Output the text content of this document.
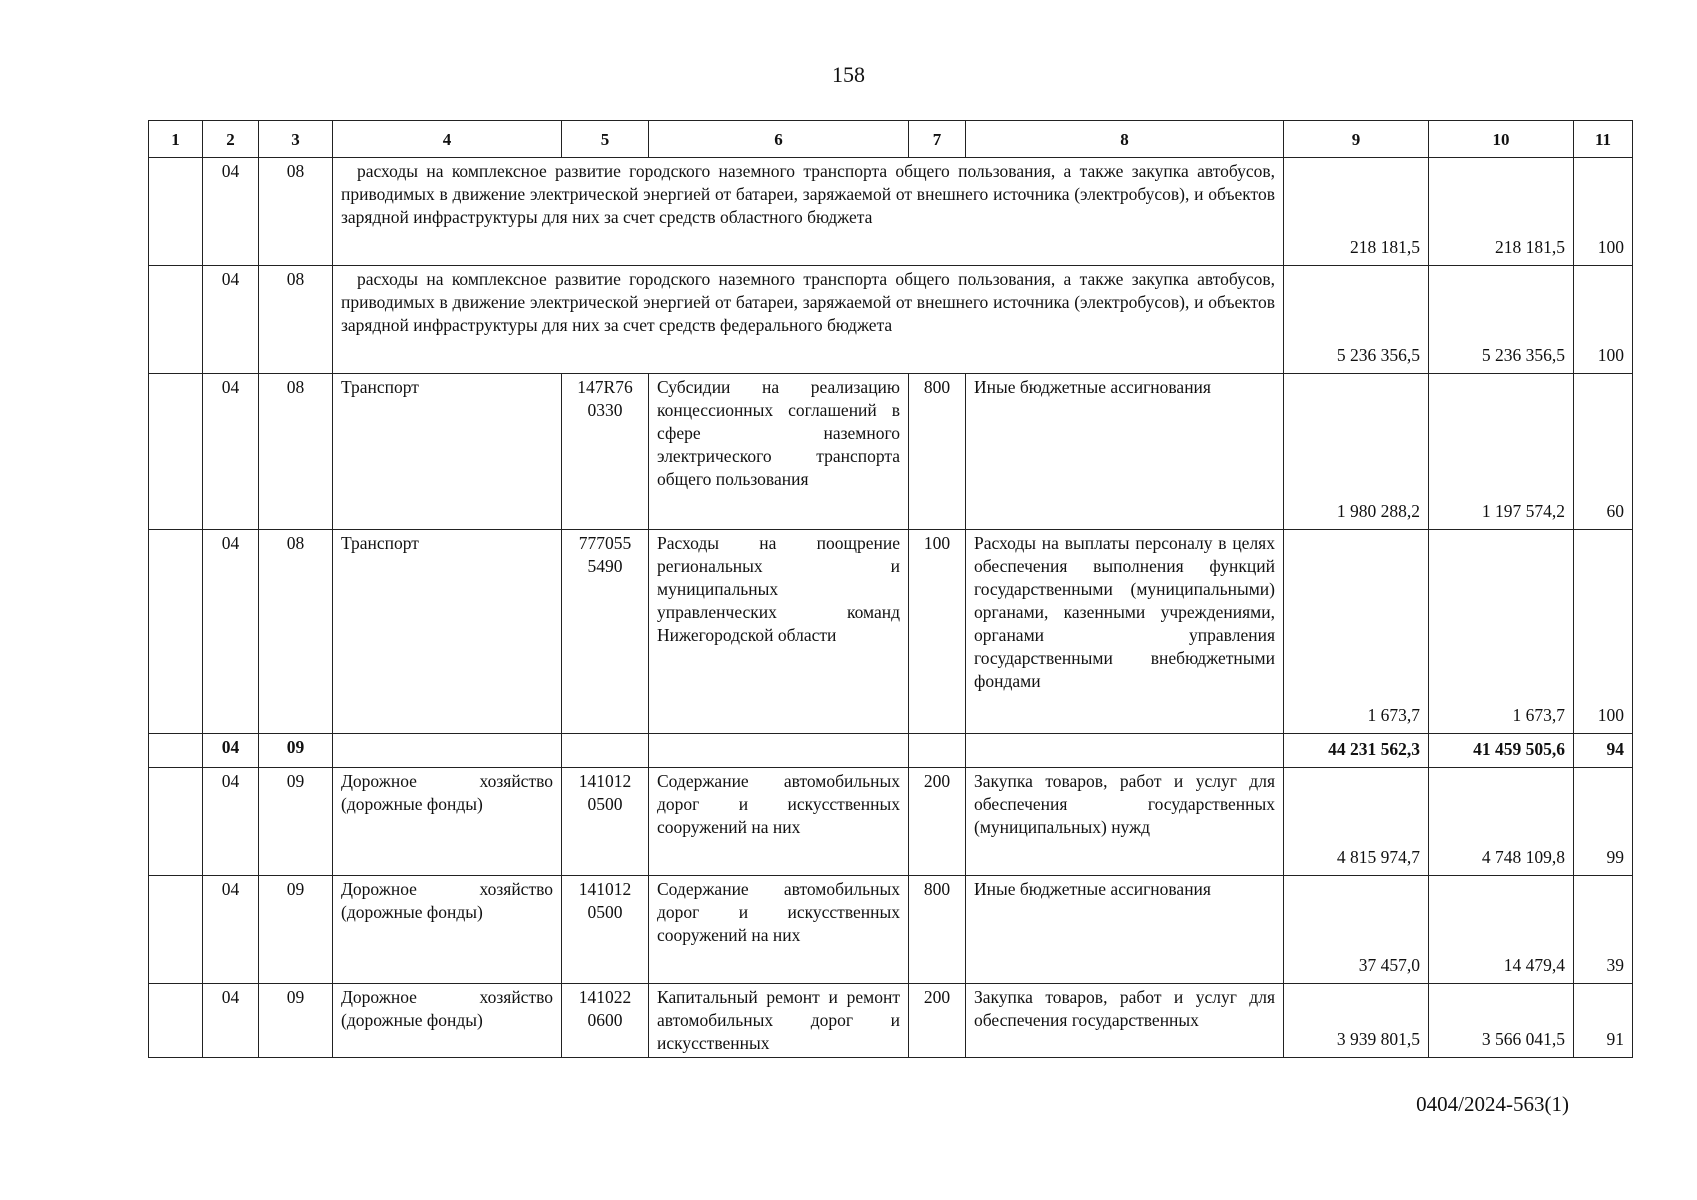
158
1	2	3	4	5	6	7	8	9	10	11
	04	08	расходы на комплексное развитие городского наземного транспорта общего пользования, а также закупка автобусов, приводимых в движение электрической энергией от батареи, заряжаемой от внешнего источника (электробусов), и объектов зарядной инфраструктуры для них за счет средств областного бюджета					218 181,5	218 181,5	100
	04	08	расходы на комплексное развитие городского наземного транспорта общего пользования, а также закупка автобусов, приводимых в движение электрической энергией от батареи, заряжаемой от внешнего источника (электробусов), и объектов зарядной инфраструктуры для них за счет средств федерального бюджета					5 236 356,5	5 236 356,5	100
	04	08	Транспорт	147R76 0330	Субсидии на реализацию концессионных соглашений в сфере наземного электрического транспорта общего пользования	800	Иные бюджетные ассигнования	1 980 288,2	1 197 574,2	60
	04	08	Транспорт	777055 5490	Расходы на поощрение региональных и муниципальных управленческих команд Нижегородской области	100	Расходы на выплаты персоналу в целях обеспечения выполнения функций государственными (муниципальными) органами, казенными учреждениями, органами управления государственными внебюджетными фондами	1 673,7	1 673,7	100
	04	09						44 231 562,3	41 459 505,6	94
	04	09	Дорожное хозяйство (дорожные фонды)	141012 0500	Содержание автомобильных дорог и искусственных сооружений на них	200	Закупка товаров, работ и услуг для обеспечения государственных (муниципальных) нужд	4 815 974,7	4 748 109,8	99
	04	09	Дорожное хозяйство (дорожные фонды)	141012 0500	Содержание автомобильных дорог и искусственных сооружений на них	800	Иные бюджетные ассигнования	37 457,0	14 479,4	39
	04	09	Дорожное хозяйство (дорожные фонды)	141022 0600	Капитальный ремонт и ремонт автомобильных дорог и искусственных	200	Закупка товаров, работ и услуг для обеспечения государственных	3 939 801,5	3 566 041,5	91
0404/2024-563(1)
